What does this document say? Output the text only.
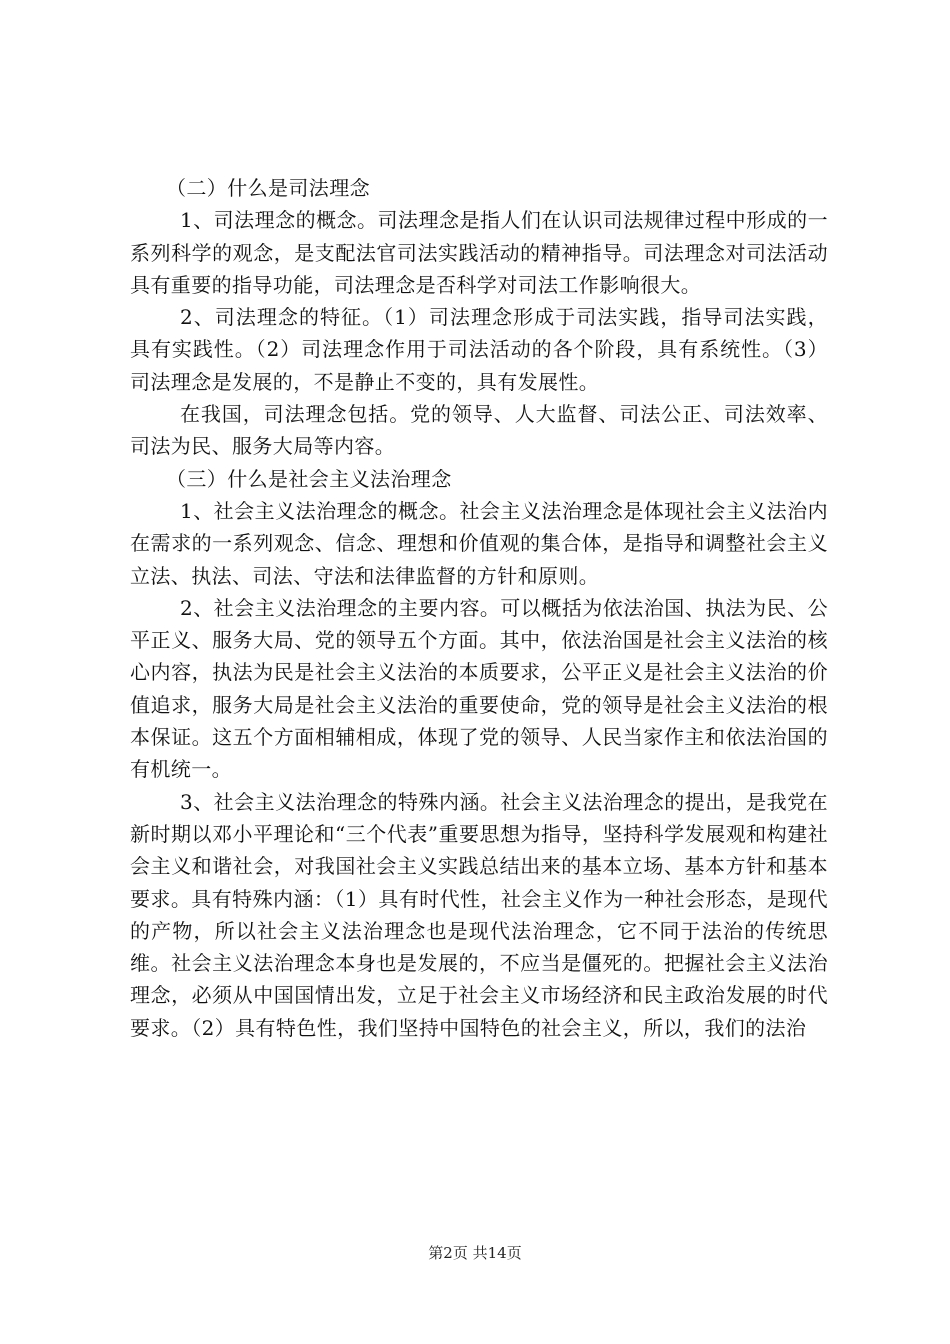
（二）什么是司法理念

1、司法理念的概念。司法理念是指人们在认识司法规律过程中形成的一系列科学的观念，是支配法官司法实践活动的精神指导。司法理念对司法活动具有重要的指导功能，司法理念是否科学对司法工作影响很大。

2、司法理念的特征。（1）司法理念形成于司法实践，指导司法实践，具有实践性。（2）司法理念作用于司法活动的各个阶段，具有系统性。（3）司法理念是发展的，不是静止不变的，具有发展性。

在我国，司法理念包括。党的领导、人大监督、司法公正、司法效率、司法为民、服务大局等内容。

（三）什么是社会主义法治理念

1、社会主义法治理念的概念。社会主义法治理念是体现社会主义法治内在需求的一系列观念、信念、理想和价值观的集合体，是指导和调整社会主义立法、执法、司法、守法和法律监督的方针和原则。

2、社会主义法治理念的主要内容。可以概括为依法治国、执法为民、公平正义、服务大局、党的领导五个方面。其中，依法治国是社会主义法治的核心内容，执法为民是社会主义法治的本质要求，公平正义是社会主义法治的价值追求，服务大局是社会主义法治的重要使命，党的领导是社会主义法治的根本保证。这五个方面相辅相成，体现了党的领导、人民当家作主和依法治国的有机统一。

3、社会主义法治理念的特殊内涵。社会主义法治理念的提出，是我党在新时期以邓小平理论和“三个代表”重要思想为指导，坚持科学发展观和构建社会主义和谐社会，对我国社会主义实践总结出来的基本立场、基本方针和基本要求。具有特殊内涵：（1）具有时代性，社会主义作为一种社会形态，是现代的产物，所以社会主义法治理念也是现代法治理念，它不同于法治的传统思维。社会主义法治理念本身也是发展的，不应当是僵死的。把握社会主义法治理念，必须从中国国情出发，立足于社会主义市场经济和民主政治发展的时代要求。（2）具有特色性，我们坚持中国特色的社会主义，所以，我们的法治

第2页 共14页
